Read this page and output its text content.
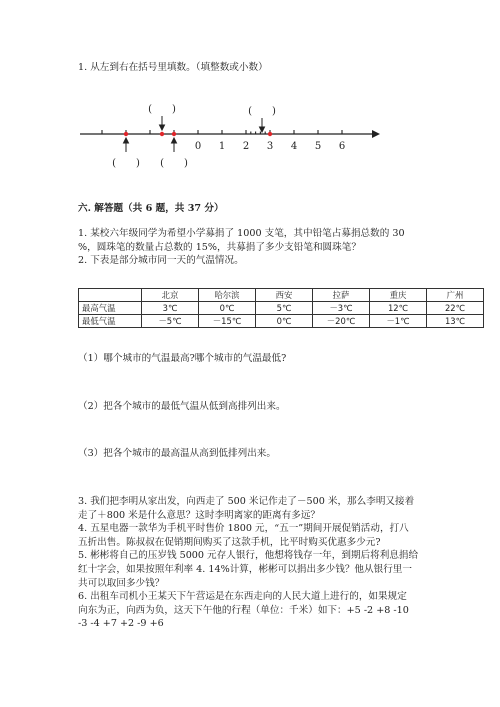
1. 从左到右在括号里填数。（填整数或小数）
0 1 2 3 4 5 6
(　　)	(　　)
(　　) (　　)
六. 解答题（共 6 题，共 37 分）
1. 某校六年级同学为希望小学募捐了 1000 支笔，其中铅笔占募捐总数的 30
%，圆珠笔的数量占总数的 15%，共募捐了多少支铅笔和圆珠笔？
2. 下表是部分城市同一天的气温情况。
	北京	哈尔滨	西安	拉萨	重庆	广州
最高气温	3℃	0℃	5℃	－3℃	12℃	22℃
最低气温	－5℃	－15℃	0℃	－20℃	－1℃	13℃
（1）哪个城市的气温最高?哪个城市的气温最低?
（2）把各个城市的最低气温从低到高排列出来。
（3）把各个城市的最高温从高到低排列出来。
3. 我们把李明从家出发，向西走了 500 米记作走了－500 米，那么李明又接着
走了＋800 米是什么意思？这时李明离家的距离有多远？
4. 五星电器一款华为手机平时售价 1800 元，“五一”期间开展促销活动，打八
五折出售。陈叔叔在促销期间购买了这款手机，比平时购买优惠多少元?
5. 彬彬将自己的压岁钱 5000 元存人银行，他想将钱存一年，到期后将利息捐给
红十字会，如果按照年利率 4. 14%计算，彬彬可以捐出多少钱？他从银行里一
共可以取回多少钱？
6. 出租车司机小王某天下午营运是在东西走向的人民大道上进行的，如果规定
向东为正，向西为负，这天下午他的行程（单位：千米）如下：+5 -2 +8 -10
-3 -4 +7 +2 -9 +6
